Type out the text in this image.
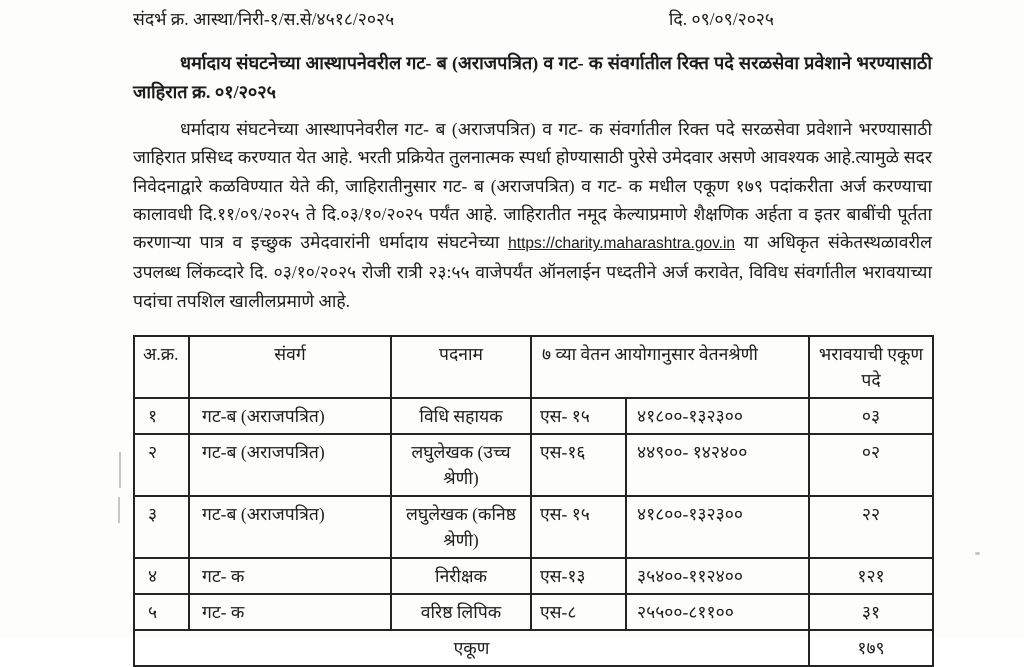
संदर्भ क्र. आस्था/निरी-१/स.से/४५१८/२०२५	दि. ०९/०९/२०२५
धर्मादाय संघटनेच्या आस्थापनेवरील गट- ब (अराजपत्रित) व गट- क संवर्गातील रिक्त पदे सरळसेवा प्रवेशाने भरण्यासाठी जाहिरात क्र. ०१/२०२५
धर्मादाय संघटनेच्या आस्थापनेवरील गट- ब (अराजपत्रित) व गट- क संवर्गातील रिक्त पदे सरळसेवा प्रवेशाने भरण्यासाठी जाहिरात प्रसिध्द करण्यात येत आहे. भरती प्रक्रियेत तुलनात्मक स्पर्धा होण्यासाठी पुरेसे उमेदवार असणे आवश्यक आहे.त्यामुळे सदर निवेदनाद्वारे कळविण्यात येते की, जाहिरातीनुसार गट- ब (अराजपत्रित) व गट- क मधील एकूण १७९ पदांकरीता अर्ज करण्याचा कालावधी दि.११/०९/२०२५ ते दि.०३/१०/२०२५ पर्यंत आहे. जाहिरातीत नमूद केल्याप्रमाणे शैक्षणिक अर्हता व इतर बाबींची पूर्तता करणाऱ्या पात्र व इच्छुक उमेदवारांनी धर्मादाय संघटनेच्या https://charity.maharashtra.gov.in या अधिकृत संकेतस्थळावरील उपलब्ध लिंकव्दारे दि. ०३/१०/२०२५ रोजी रात्री २३:५५ वाजेपर्यंत ऑनलाईन पध्दतीने अर्ज करावेत, विविध संवर्गातील भरावयाच्या पदांचा तपशिल खालीलप्रमाणे आहे.
अ.क्र.	संवर्ग	पदनाम	७ व्या वेतन आयोगानुसार वेतनश्रेणी		भरावयाची एकूण पदे
१	गट-ब (अराजपत्रित)	विधि सहायक	एस- १५	४१८००-१३२३००	०३
२	गट-ब (अराजपत्रित)	लघुलेखक (उच्च श्रेणी)	एस-१६	४४९००- १४२४००	०२
३	गट-ब (अराजपत्रित)	लघुलेखक (कनिष्ठ श्रेणी)	एस- १५	४१८००-१३२३००	२२
४	गट- क	निरीक्षक	एस-१३	३५४००-११२४००	१२१
५	गट- क	वरिष्ठ लिपिक	एस-८	२५५००-८११००	३१
एकूण					१७९
